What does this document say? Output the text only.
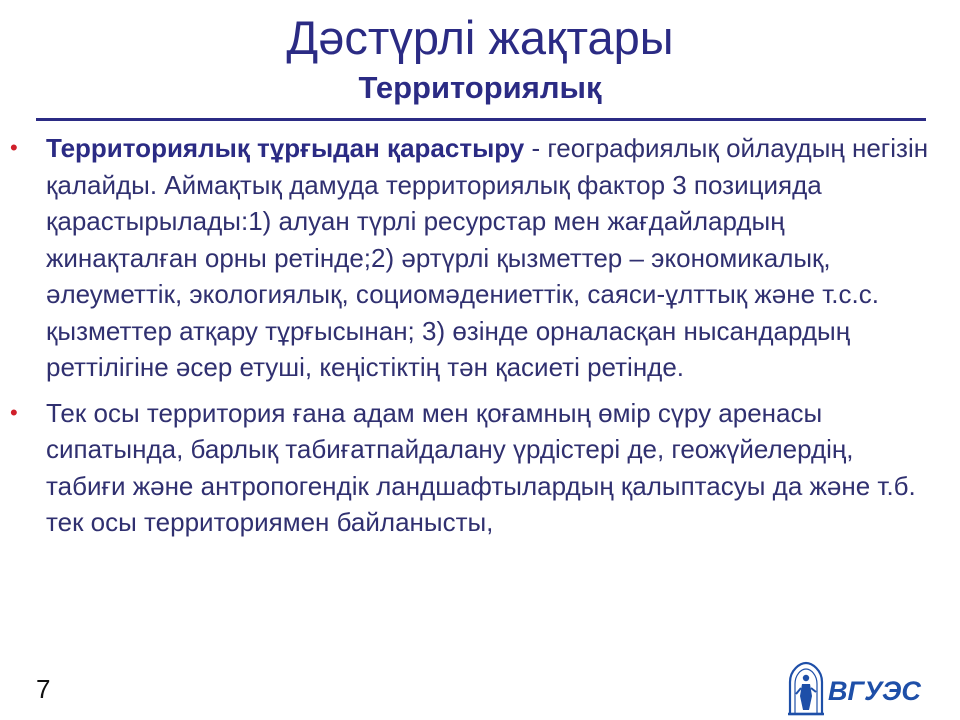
Дәстүрлі жақтары
Территориялық
• Территориялық тұрғыдан қарастыру - географиялық ойлаудың негізін қалайды. Аймақтық дамуда территориялық фактор 3 позицияда қарастырылады:1) алуан түрлі ресурстар мен жағдайлардың жинақталған орны ретінде;2) әртүрлі қызметтер – экономикалық, әлеуметтік, экологиялық, социомәдениеттік, саяси-ұлттық және т.с.с. қызметтер атқару тұрғысынан; 3) өзінде орналасқан нысандардың реттілігіне әсер етуші, кеңістіктің тән қасиеті ретінде.
• Тек осы территория ғана адам мен қоғамның өмір сүру аренасы сипатында, барлық табиғатпайдалану үрдістері де, геожүйелердің, табиғи және антропогендік ландшафтылардың қалыптасуы да және т.б. тек осы территориямен байланысты,
7	ВГУЭС
